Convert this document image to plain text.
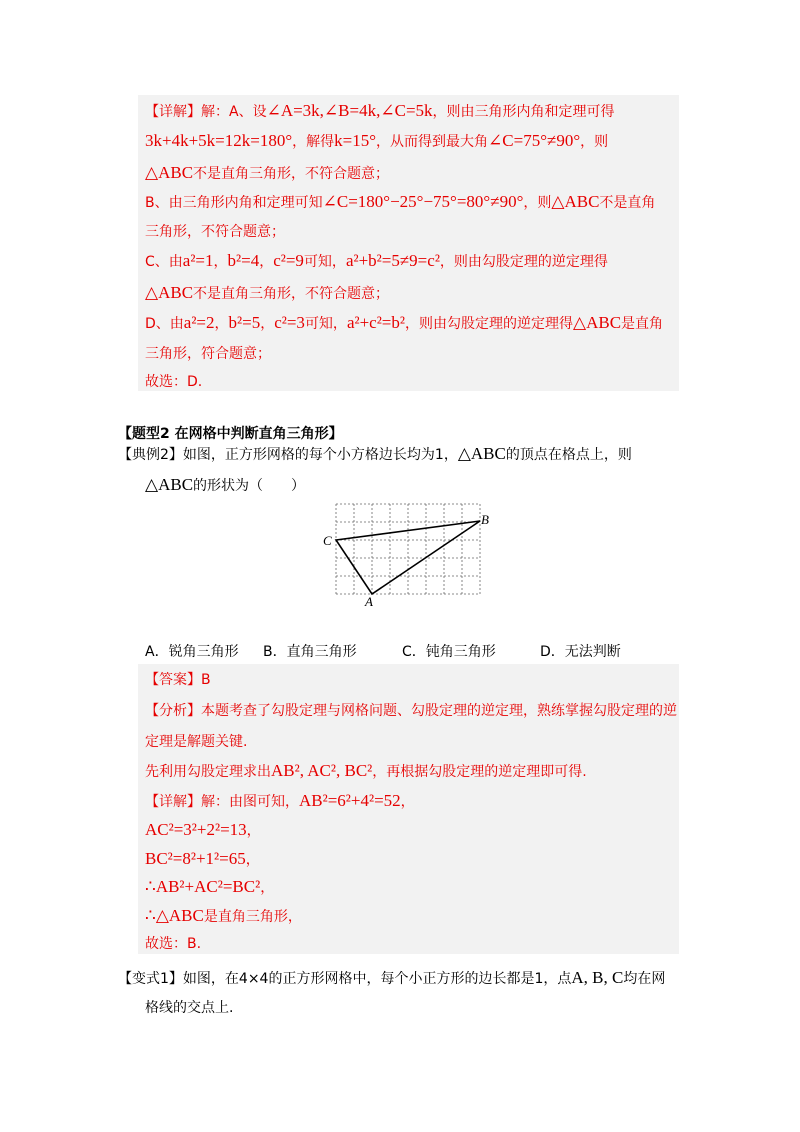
【详解】解：A、设∠A=3k,∠B=4k,∠C=5k，则由三角形内角和定理可得
3k+4k+5k=12k=180°，解得k=15°，从而得到最大角∠C=75°≠90°，则
△ABC不是直角三角形，不符合题意；
B、由三角形内角和定理可知∠C=180°−25°−75°=80°≠90°，则△ABC不是直角
三角形，不符合题意；
C、由a²=1，b²=4，c²=9可知，a²+b²=5≠9=c²，则由勾股定理的逆定理得
△ABC不是直角三角形，不符合题意；
D、由a²=2，b²=5，c²=3可知，a²+c²=b²，则由勾股定理的逆定理得△ABC是直角
三角形，符合题意；
故选：D.
【题型2 在网格中判断直角三角形】
【典例2】如图，正方形网格的每个小方格边长均为1，△ABC的顶点在格点上，则
△ABC的形状为（　　）
A
B
C
A．锐角三角形 B．直角三角形	C．钝角三角形	D．无法判断
【答案】B
【分析】本题考查了勾股定理与网格问题、勾股定理的逆定理，熟练掌握勾股定理的逆
定理是解题关键.
先利用勾股定理求出AB², AC², BC²，再根据勾股定理的逆定理即可得.
【详解】解：由图可知，AB²=6²+4²=52，
AC²=3²+2²=13，
BC²=8²+1²=65，
∴AB²+AC²=BC²，
∴△ABC是直角三角形，
故选：B.
【变式1】如图，在4×4的正方形网格中，每个小正方形的边长都是1，点A, B, C均在网
格线的交点上.
